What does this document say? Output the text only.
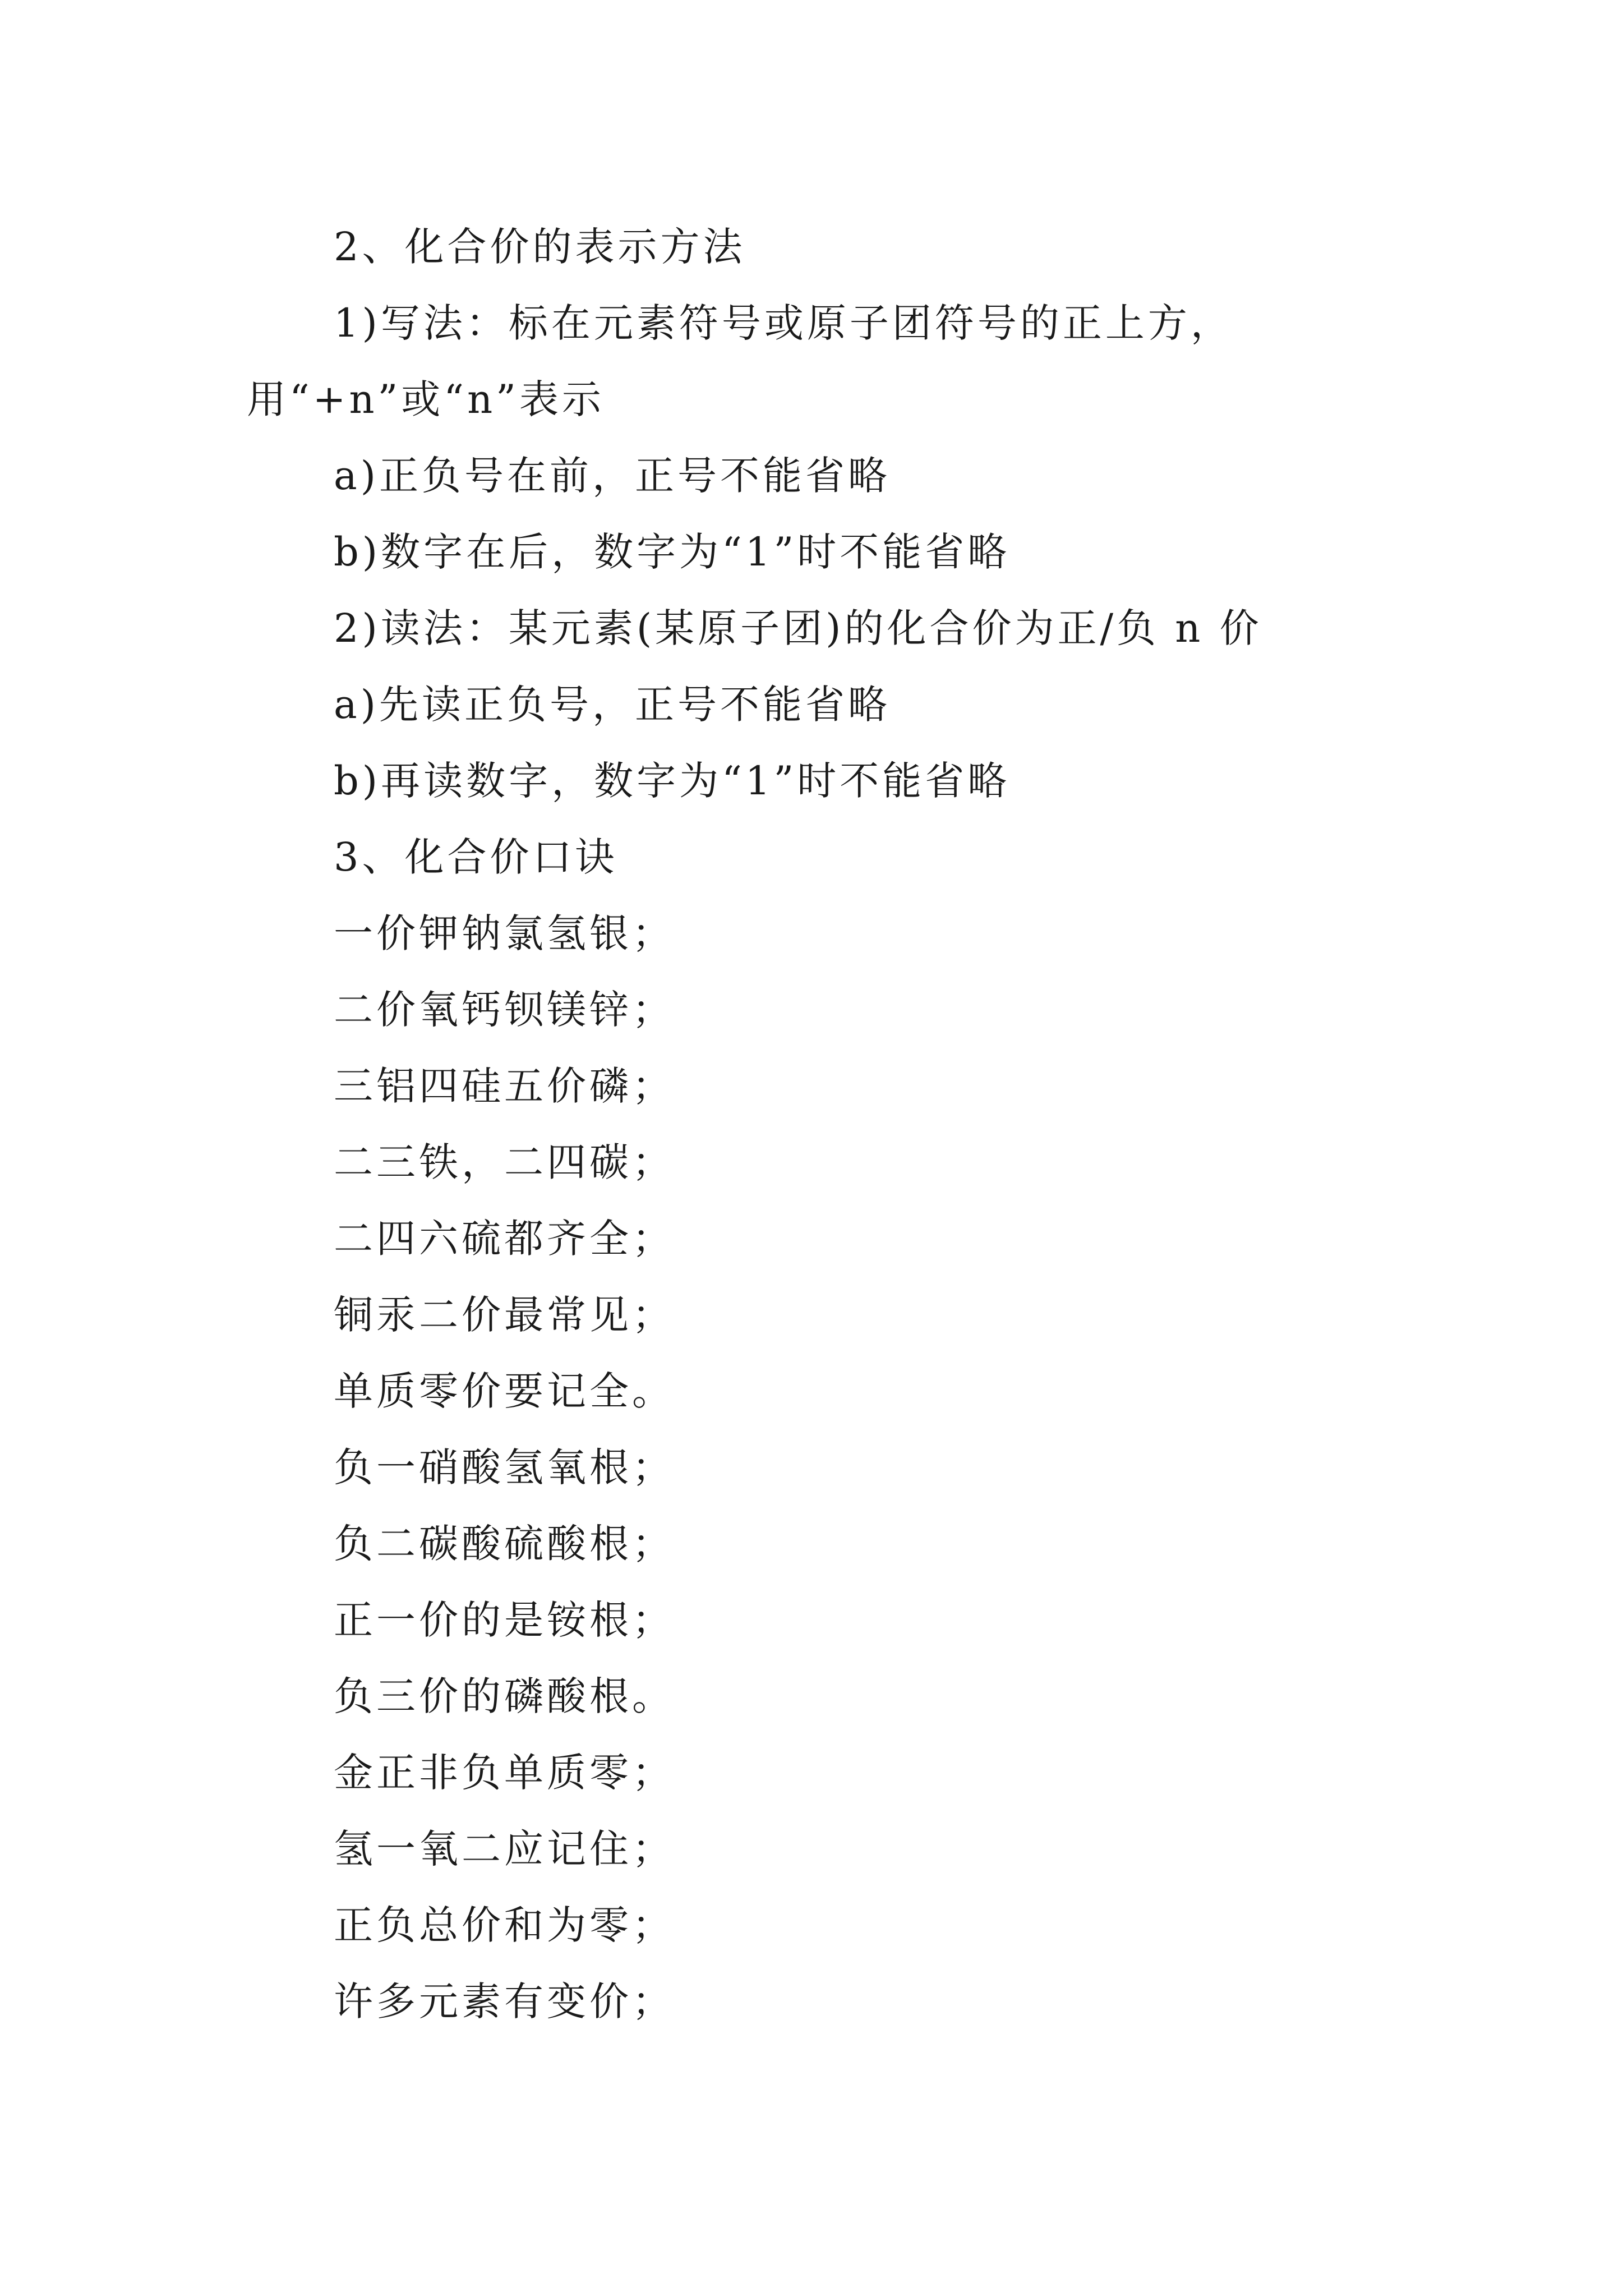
2、化合价的表示方法
1)写法：标在元素符号或原子团符号的正上方，用“+n”或“n”表示
a)正负号在前，正号不能省略
b)数字在后，数字为“1”时不能省略
2)读法：某元素(某原子团)的化合价为正/负 n 价
a)先读正负号，正号不能省略
b)再读数字，数字为“1”时不能省略
3、化合价口诀
一价钾钠氯氢银；
二价氧钙钡镁锌；
三铝四硅五价磷；
二三铁，二四碳；
二四六硫都齐全；
铜汞二价最常见；
单质零价要记全。
负一硝酸氢氧根；
负二碳酸硫酸根；
正一价的是铵根；
负三价的磷酸根。
金正非负单质零；
氢一氧二应记住；
正负总价和为零；
许多元素有变价；
